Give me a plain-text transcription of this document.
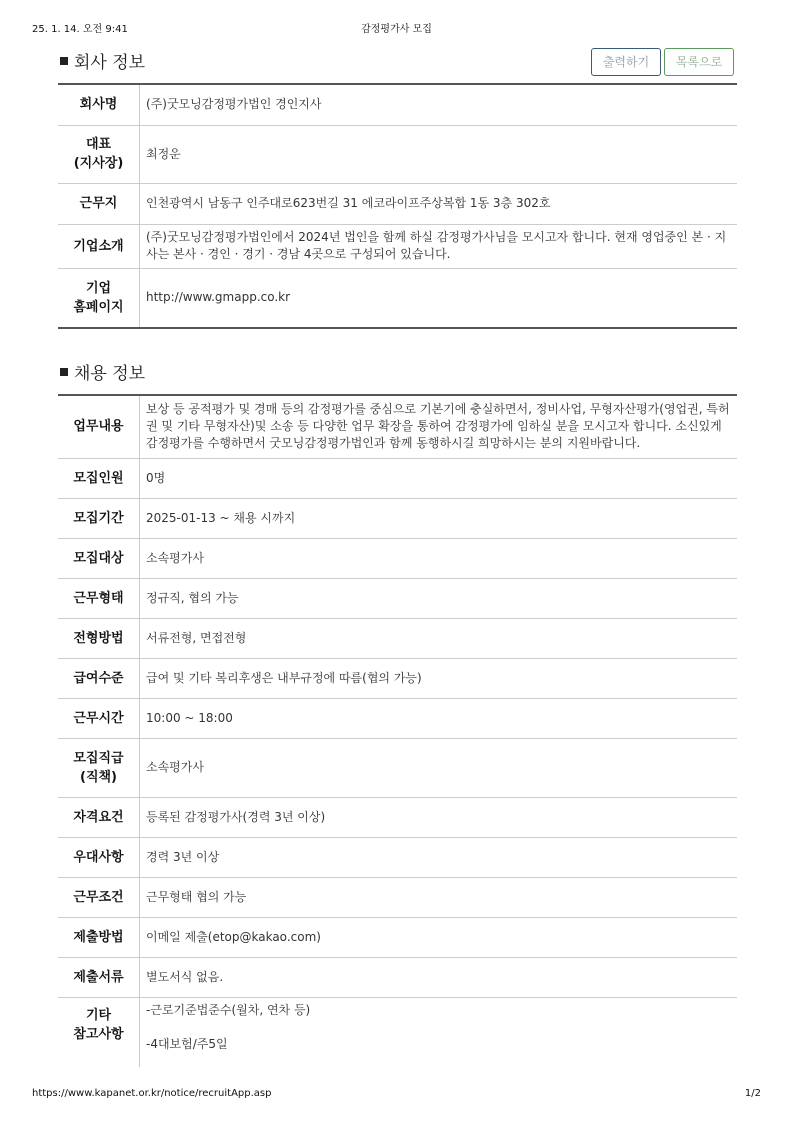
25. 1. 14. 오전 9:41	감정평가사 모집
회사 정보	출력하기	목록으로
회사명	(주)굿모닝감정평가법인 경인지사
대표
(지사장)	최정운
근무지	인천광역시 남동구 인주대로623번길 31 에코라이프주상복합 1동 3층 302호
기업소개	(주)굿모닝감정평가법인에서 2024년 법인을 함께 하실 감정평가사님을 모시고자 합니다. 현재 영업중인 본 · 지사는 본사 · 경인 · 경기 · 경남 4곳으로 구성되어 있습니다.
기업
홈페이지	http://www.gmapp.co.kr
채용 정보
업무내용	보상 등 공적평가 및 경매 등의 감정평가를 중심으로 기본기에 충실하면서, 정비사업, 무형자산평가(영업권, 특허권 및 기타 무형자산)및 소송 등 다양한 업무 확장을 통하여 감정평가에 임하실 분을 모시고자 합니다. 소신있게 감정평가를 수행하면서 굿모닝감정평가법인과 함께 동행하시길 희망하시는 분의 지원바랍니다.
모집인원	0명
모집기간	2025-01-13 ~ 채용 시까지
모집대상	소속평가사
근무형태	정규직, 협의 가능
전형방법	서류전형, 면접전형
급여수준	급여 및 기타 복리후생은 내부규정에 따름(협의 가능)
근무시간	10:00 ~ 18:00
모집직급
(직책)	소속평가사
자격요건	등록된 감정평가사(경력 3년 이상)
우대사항	경력 3년 이상
근무조건	근무형태 협의 가능
제출방법	이메일 제출(etop@kakao.com)
제출서류	별도서식 없음.
기타
참고사항	-근로기준법준수(월차, 연차 등)

-4대보험/주5일
https://www.kapanet.or.kr/notice/recruitApp.asp	1/2
